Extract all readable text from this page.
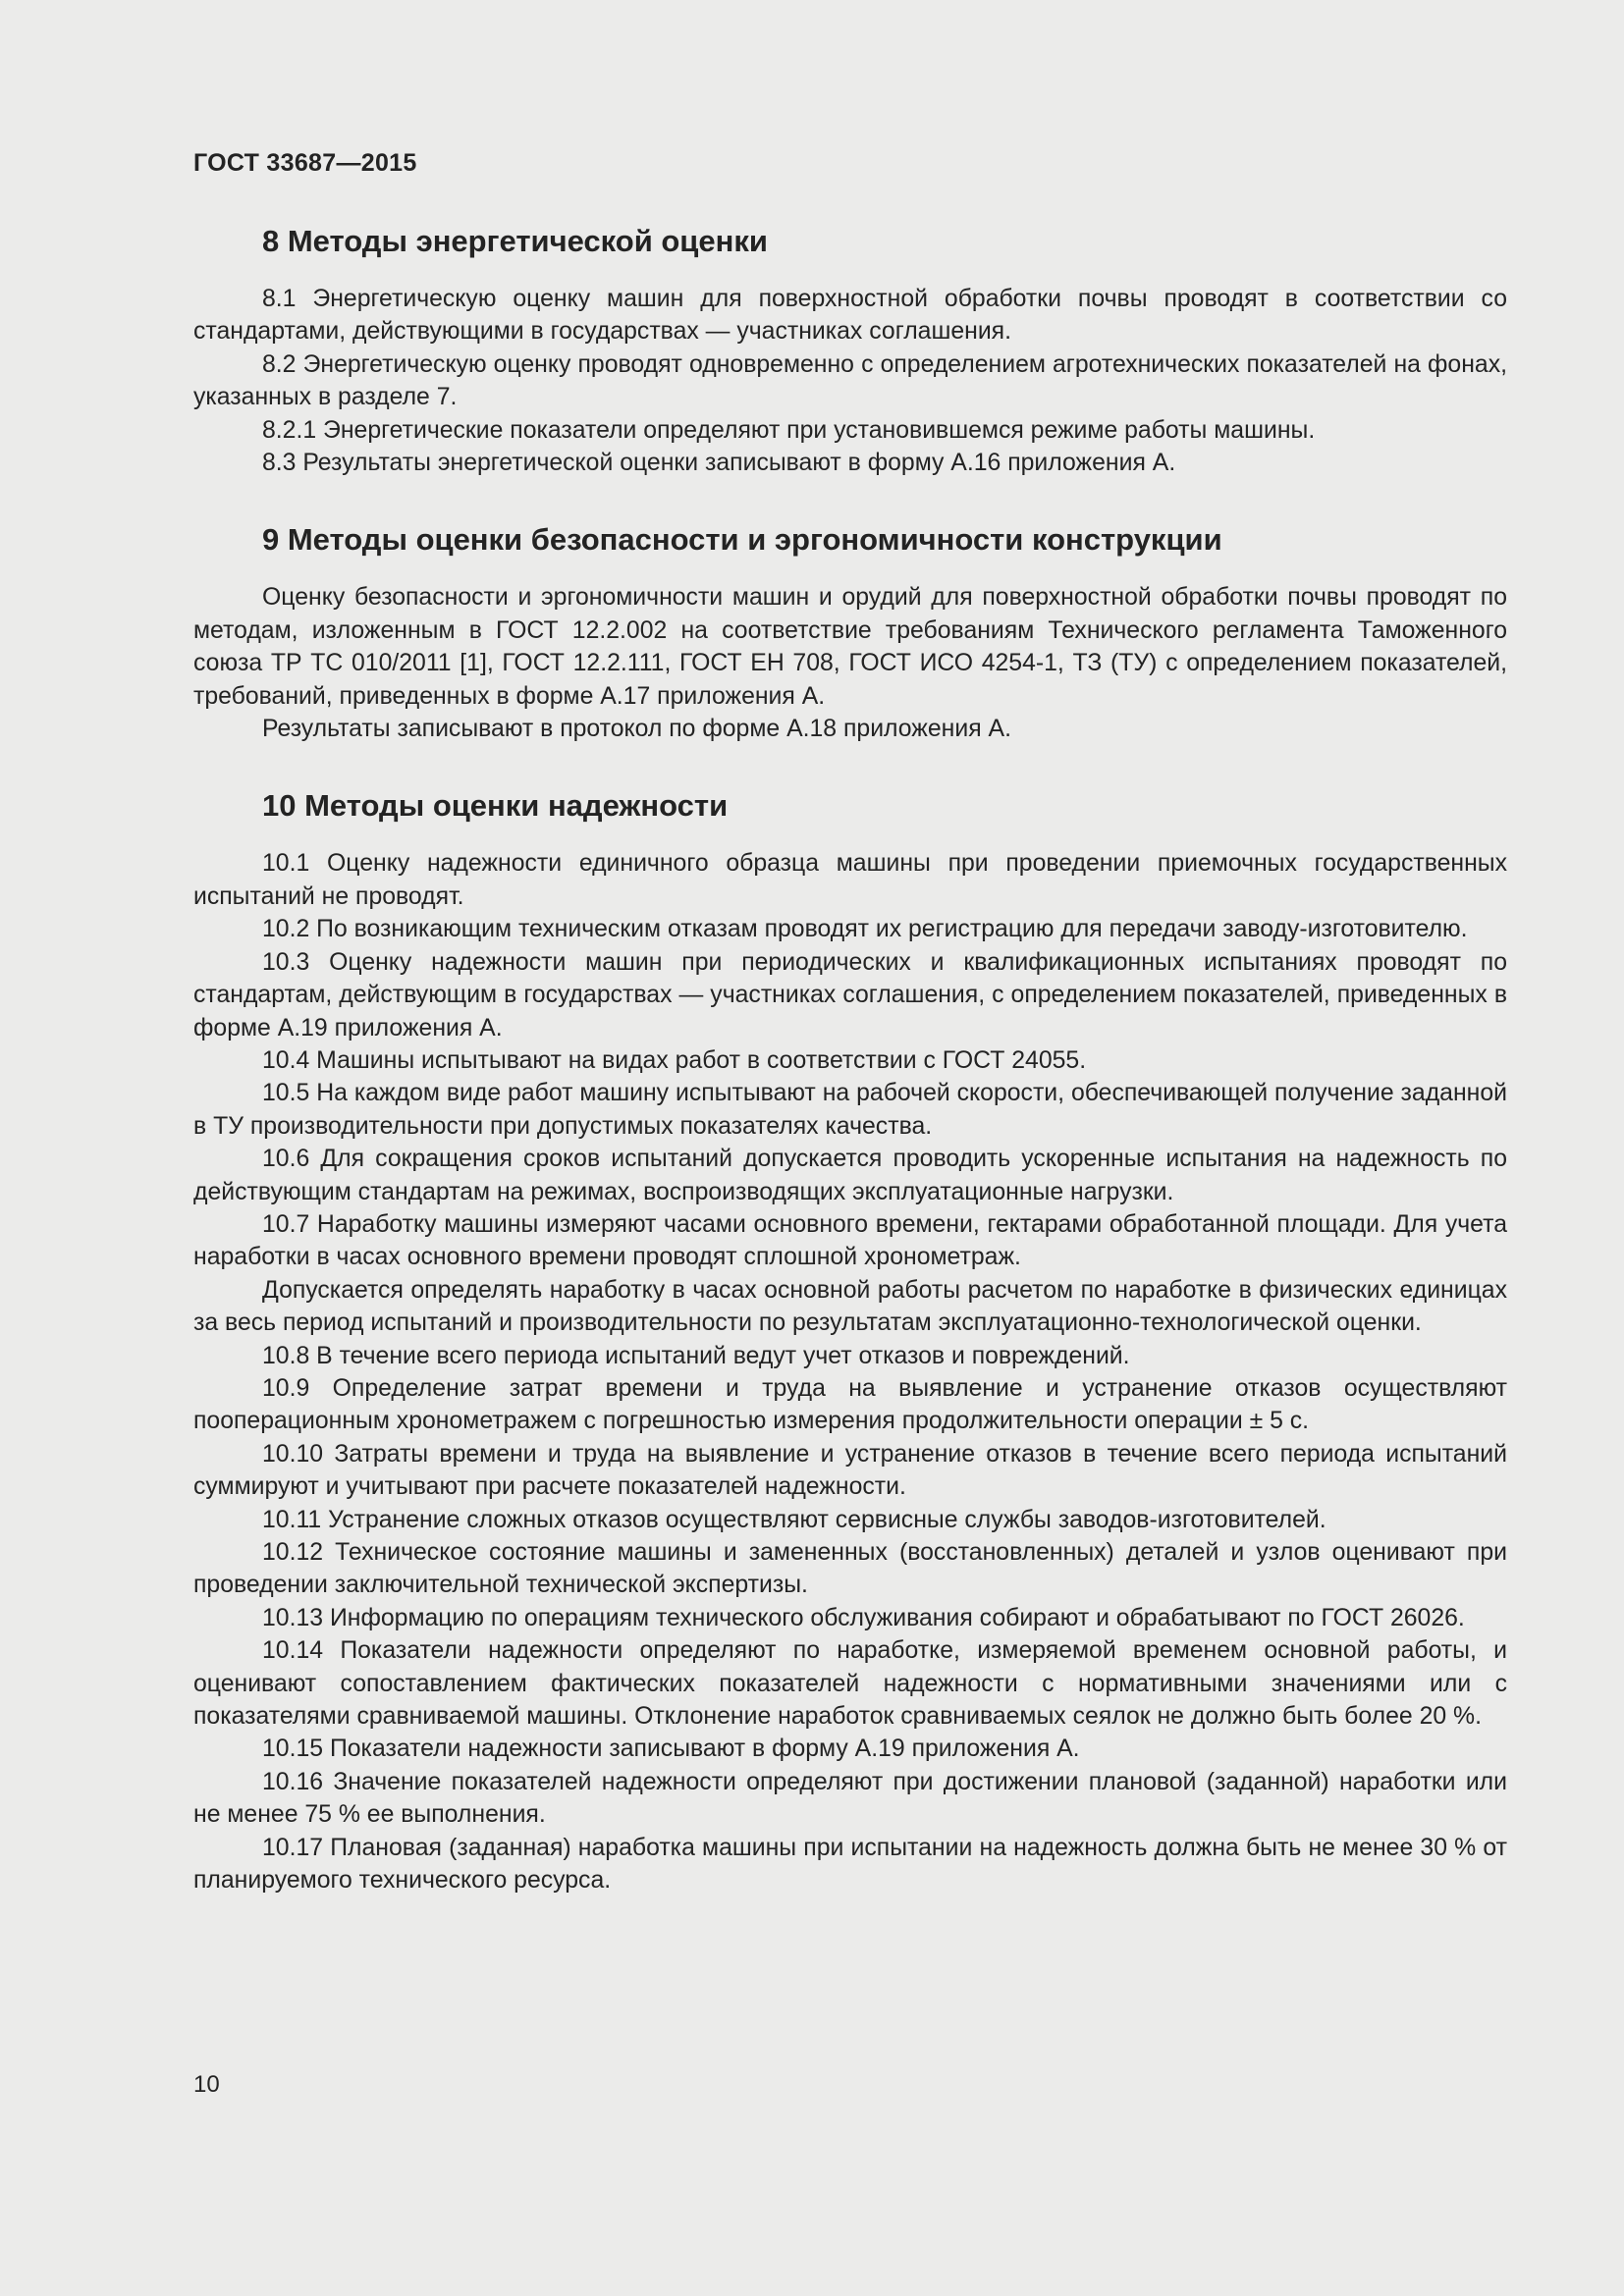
ГОСТ 33687—2015
8 Методы энергетической оценки

8.1 Энергетическую оценку машин для поверхностной обработки почвы проводят в соответствии со стандартами, действующими в государствах — участниках соглашения.

8.2 Энергетическую оценку проводят одновременно с определением агротехнических показателей на фонах, указанных в разделе 7.

8.2.1 Энергетические показатели определяют при установившемся режиме работы машины.

8.3 Результаты энергетической оценки записывают в форму А.16 приложения А.

9 Методы оценки безопасности и эргономичности конструкции

Оценку безопасности и эргономичности машин и орудий для поверхностной обработки почвы проводят по методам, изложенным в ГОСТ 12.2.002 на соответствие требованиям Технического регламента Таможенного союза ТР ТС 010/2011 [1], ГОСТ 12.2.111, ГОСТ ЕН 708, ГОСТ ИСО 4254-1, ТЗ (ТУ) с определением показателей, требований, приведенных в форме А.17 приложения А.

Результаты записывают в протокол по форме А.18 приложения А.

10 Методы оценки надежности

10.1 Оценку надежности единичного образца машины при проведении приемочных государственных испытаний не проводят.

10.2 По возникающим техническим отказам проводят их регистрацию для передачи заводу-изготовителю.

10.3 Оценку надежности машин при периодических и квалификационных испытаниях проводят по стандартам, действующим в государствах — участниках соглашения, с определением показателей, приведенных в форме А.19 приложения А.

10.4 Машины испытывают на видах работ в соответствии с ГОСТ 24055.

10.5 На каждом виде работ машину испытывают на рабочей скорости, обеспечивающей получение заданной в ТУ производительности при допустимых показателях качества.

10.6 Для сокращения сроков испытаний допускается проводить ускоренные испытания на надежность по действующим стандартам на режимах, воспроизводящих эксплуатационные нагрузки.

10.7 Наработку машины измеряют часами основного времени, гектарами обработанной площади. Для учета наработки в часах основного времени проводят сплошной хронометраж.

Допускается определять наработку в часах основной работы расчетом по наработке в физических единицах за весь период испытаний и производительности по результатам эксплуатационно-технологической оценки.

10.8 В течение всего периода испытаний ведут учет отказов и повреждений.

10.9 Определение затрат времени и труда на выявление и устранение отказов осуществляют пооперационным хронометражем с погрешностью измерения продолжительности операции ± 5 с.

10.10 Затраты времени и труда на выявление и устранение отказов в течение всего периода испытаний суммируют и учитывают при расчете показателей надежности.

10.11 Устранение сложных отказов осуществляют сервисные службы заводов-изготовителей.

10.12 Техническое состояние машины и замененных (восстановленных) деталей и узлов оценивают при проведении заключительной технической экспертизы.

10.13 Информацию по операциям технического обслуживания собирают и обрабатывают по ГОСТ 26026.

10.14 Показатели надежности определяют по наработке, измеряемой временем основной работы, и оценивают сопоставлением фактических показателей надежности с нормативными значениями или с показателями сравниваемой машины. Отклонение наработок сравниваемых сеялок не должно быть более 20 %.

10.15 Показатели надежности записывают в форму А.19 приложения А.

10.16 Значение показателей надежности определяют при достижении плановой (заданной) наработки или не менее 75 % ее выполнения.

10.17 Плановая (заданная) наработка машины при испытании на надежность должна быть не менее 30 % от планируемого технического ресурса.

10
